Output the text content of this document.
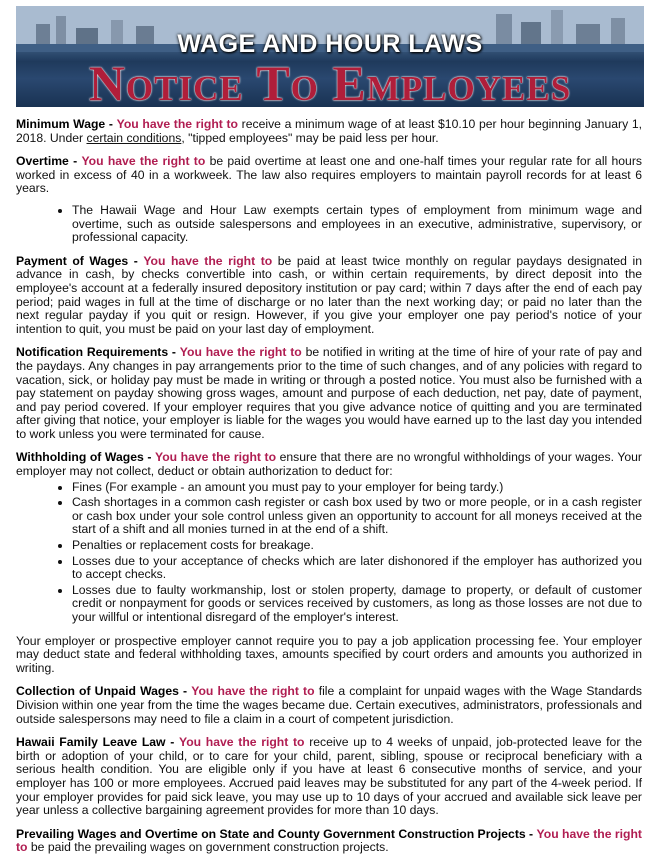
WAGE AND HOUR LAWS
Notice To Employees

Minimum Wage - You have the right to receive a minimum wage of at least $10.10 per hour beginning January 1, 2018. Under certain conditions, "tipped employees" may be paid less per hour.

Overtime - You have the right to be paid overtime at least one and one-half times your regular rate for all hours worked in excess of 40 in a workweek. The law also requires employers to maintain payroll records for at least 6 years.

• The Hawaii Wage and Hour Law exempts certain types of employment from minimum wage and overtime, such as outside salespersons and employees in an executive, administrative, supervisory, or professional capacity.

Payment of Wages - You have the right to be paid at least twice monthly on regular paydays designated in advance in cash, by checks convertible into cash, or within certain requirements, by direct deposit into the employee's account at a federally insured depository institution or pay card; within 7 days after the end of each pay period; paid wages in full at the time of discharge or no later than the next working day; or paid no later than the next regular payday if you quit or resign. However, if you give your employer one pay period's notice of your intention to quit, you must be paid on your last day of employment.

Notification Requirements - You have the right to be notified in writing at the time of hire of your rate of pay and the paydays. Any changes in pay arrangements prior to the time of such changes, and of any policies with regard to vacation, sick, or holiday pay must be made in writing or through a posted notice. You must also be furnished with a pay statement on payday showing gross wages, amount and purpose of each deduction, net pay, date of payment, and pay period covered. If your employer requires that you give advance notice of quitting and you are terminated after giving that notice, your employer is liable for the wages you would have earned up to the last day you intended to work unless you were terminated for cause.

Withholding of Wages - You have the right to ensure that there are no wrongful withholdings of your wages. Your employer may not collect, deduct or obtain authorization to deduct for:

• Fines (For example - an amount you must pay to your employer for being tardy.)
• Cash shortages in a common cash register or cash box used by two or more people, or in a cash register or cash box under your sole control unless given an opportunity to account for all moneys received at the start of a shift and all monies turned in at the end of a shift.
• Penalties or replacement costs for breakage.
• Losses due to your acceptance of checks which are later dishonored if the employer has authorized you to accept checks.
• Losses due to faulty workmanship, lost or stolen property, damage to property, or default of customer credit or nonpayment for goods or services received by customers, as long as those losses are not due to your willful or intentional disregard of the employer's interest.

Your employer or prospective employer cannot require you to pay a job application processing fee. Your employer may deduct state and federal withholding taxes, amounts specified by court orders and amounts you authorized in writing.

Collection of Unpaid Wages - You have the right to file a complaint for unpaid wages with the Wage Standards Division within one year from the time the wages became due. Certain executives, administrators, professionals and outside salespersons may need to file a claim in a court of competent jurisdiction.

Hawaii Family Leave Law - You have the right to receive up to 4 weeks of unpaid, job-protected leave for the birth or adoption of your child, or to care for your child, parent, sibling, spouse or reciprocal beneficiary with a serious health condition. You are eligible only if you have at least 6 consecutive months of service, and your employer has 100 or more employees. Accrued paid leaves may be substituted for any part of the 4-week period. If your employer provides for paid sick leave, you may use up to 10 days of your accrued and available sick leave per year unless a collective bargaining agreement provides for more than 10 days.

Prevailing Wages and Overtime on State and County Government Construction Projects - You have the right to be paid the prevailing wages on government construction projects.
